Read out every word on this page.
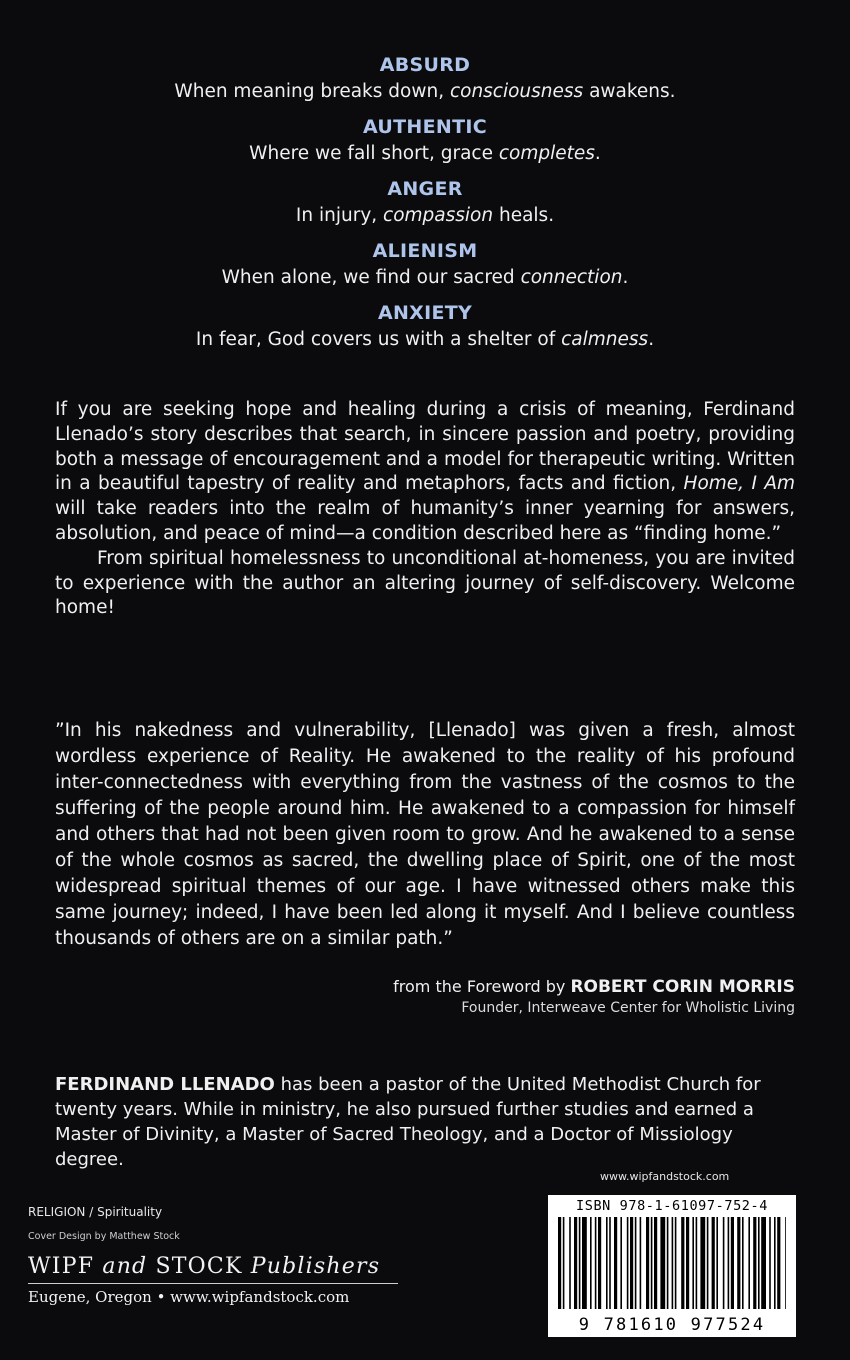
ABSURD
When meaning breaks down, consciousness awakens.
AUTHENTIC
Where we fall short, grace completes.
ANGER
In injury, compassion heals.
ALIENISM
When alone, we find our sacred connection.
ANXIETY
In fear, God covers us with a shelter of calmness.

If you are seeking hope and healing during a crisis of meaning, Ferdinand Llenado’s story describes that search, in sincere passion and poetry, providing both a message of encouragement and a model for therapeutic writing. Written in a beautiful tapestry of reality and metaphors, facts and fiction, Home, I Am will take readers into the realm of humanity’s inner yearning for answers, absolution, and peace of mind—a condition described here as “finding home.”

From spiritual homelessness to unconditional at-homeness, you are invited to experience with the author an altering journey of self-discovery. Welcome home!

”In his nakedness and vulnerability, [Llenado] was given a fresh, almost wordless experience of Reality. He awakened to the reality of his profound inter-connectedness with everything from the vastness of the cosmos to the suffering of the people around him. He awakened to a compassion for himself and others that had not been given room to grow. And he awakened to a sense of the whole cosmos as sacred, the dwelling place of Spirit, one of the most widespread spiritual themes of our age. I have witnessed others make this same journey; indeed, I have been led along it myself. And I believe countless thousands of others are on a similar path.”

from the Foreword by ROBERT CORIN MORRIS
Founder, Interweave Center for Wholistic Living

FERDINAND LLENADO has been a pastor of the United Methodist Church for twenty years. While in ministry, he also pursued further studies and earned a Master of Divinity, a Master of Sacred Theology, and a Doctor of Missiology degree.

RELIGION / Spirituality
Cover Design by Matthew Stock
WIPF and STOCK Publishers
Eugene, Oregon • www.wipfandstock.com
www.wipfandstock.com
ISBN 978-1-61097-752-4
9 781610 977524
